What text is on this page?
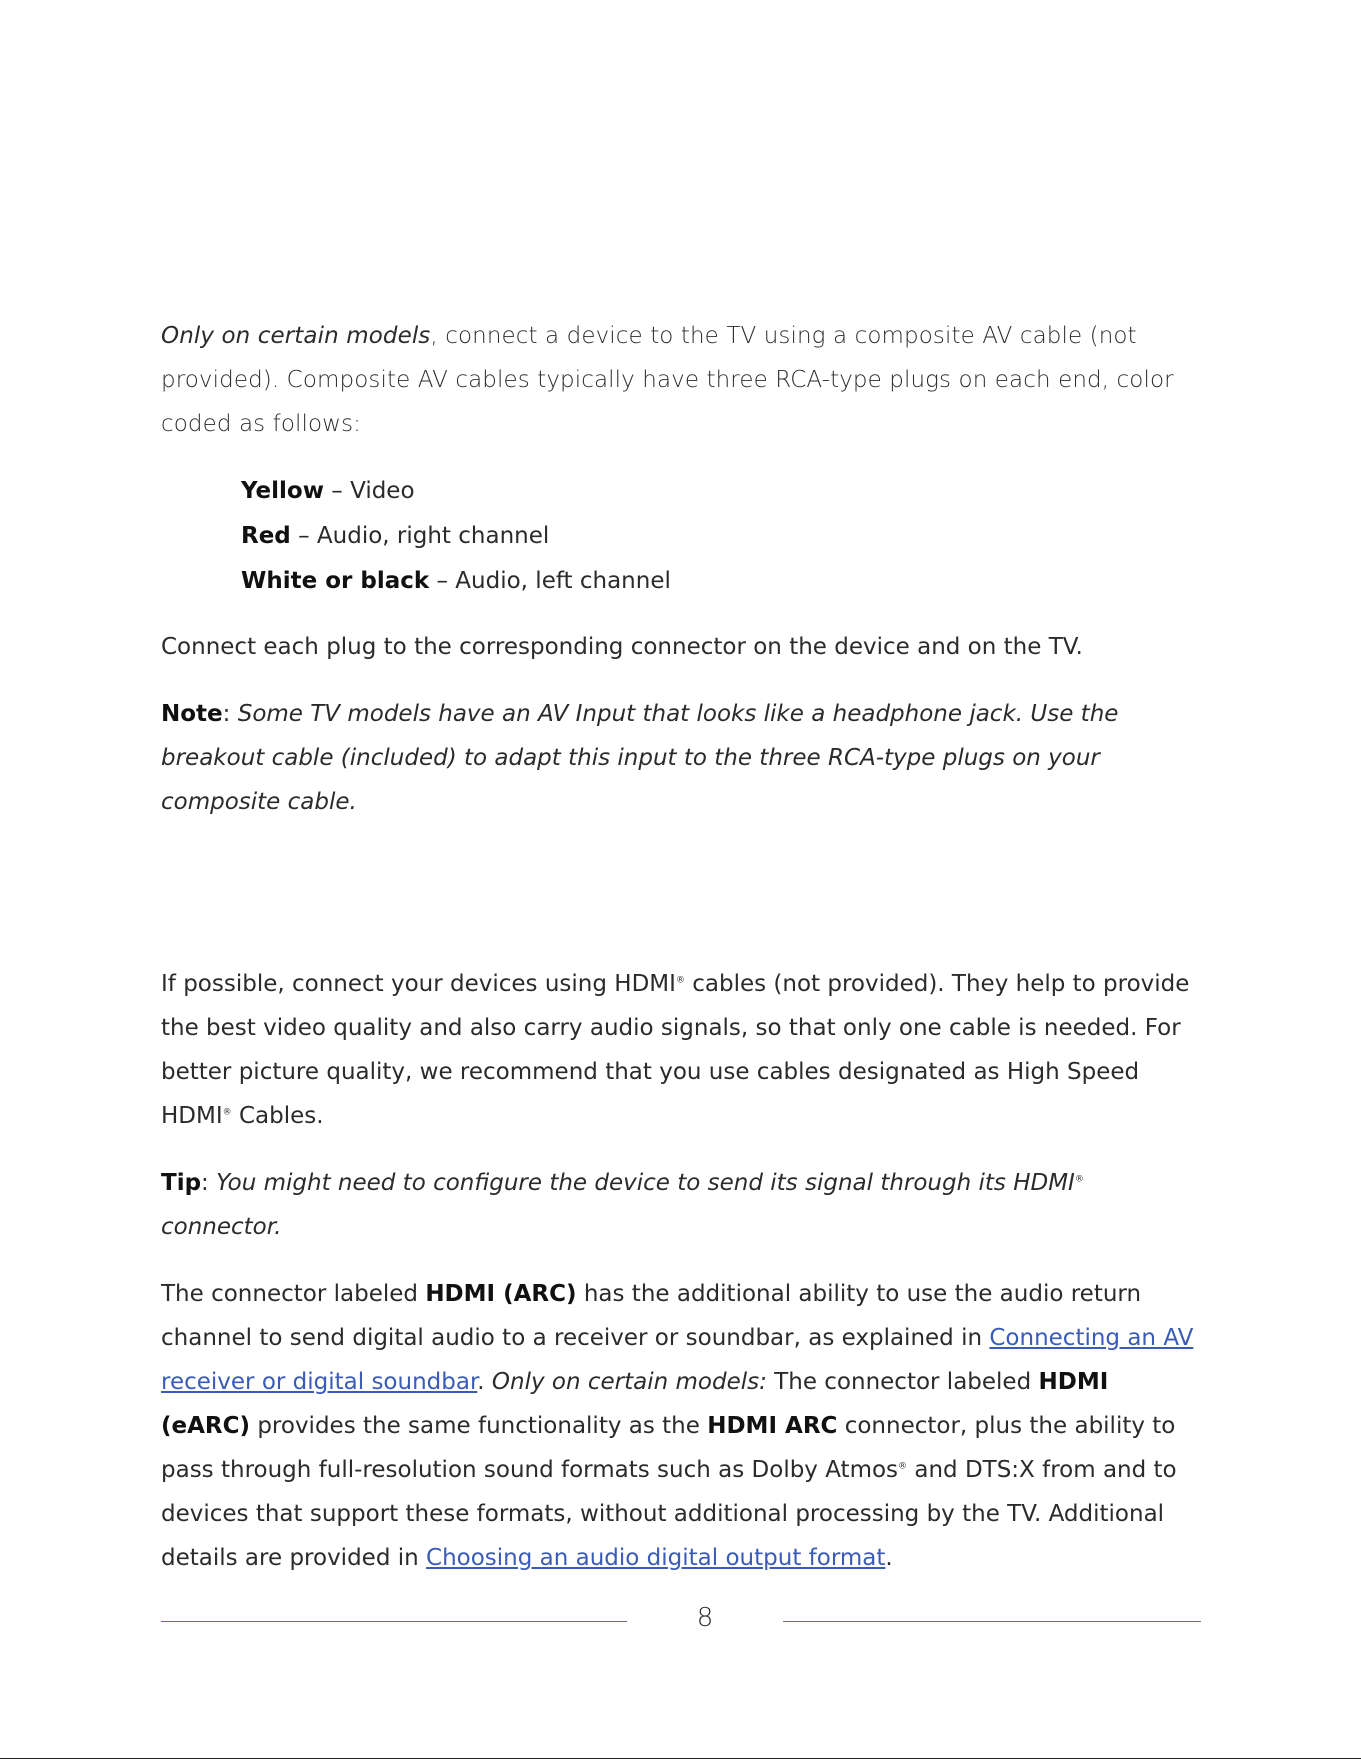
Only on certain models, connect a device to the TV using a composite AV cable (not provided). Composite AV cables typically have three RCA-type plugs on each end, color coded as follows:

Yellow – Video
Red – Audio, right channel
White or black – Audio, left channel

Connect each plug to the corresponding connector on the device and on the TV.

Note: Some TV models have an AV Input that looks like a headphone jack. Use the breakout cable (included) to adapt this input to the three RCA-type plugs on your composite cable.

If possible, connect your devices using HDMI® cables (not provided). They help to provide the best video quality and also carry audio signals, so that only one cable is needed. For better picture quality, we recommend that you use cables designated as High Speed HDMI® Cables.

Tip: You might need to configure the device to send its signal through its HDMI® connector.

The connector labeled HDMI (ARC) has the additional ability to use the audio return channel to send digital audio to a receiver or soundbar, as explained in Connecting an AV receiver or digital soundbar. Only on certain models: The connector labeled HDMI (eARC) provides the same functionality as the HDMI ARC connector, plus the ability to pass through full-resolution sound formats such as Dolby Atmos® and DTS:X from and to devices that support these formats, without additional processing by the TV. Additional details are provided in Choosing an audio digital output format.

8
